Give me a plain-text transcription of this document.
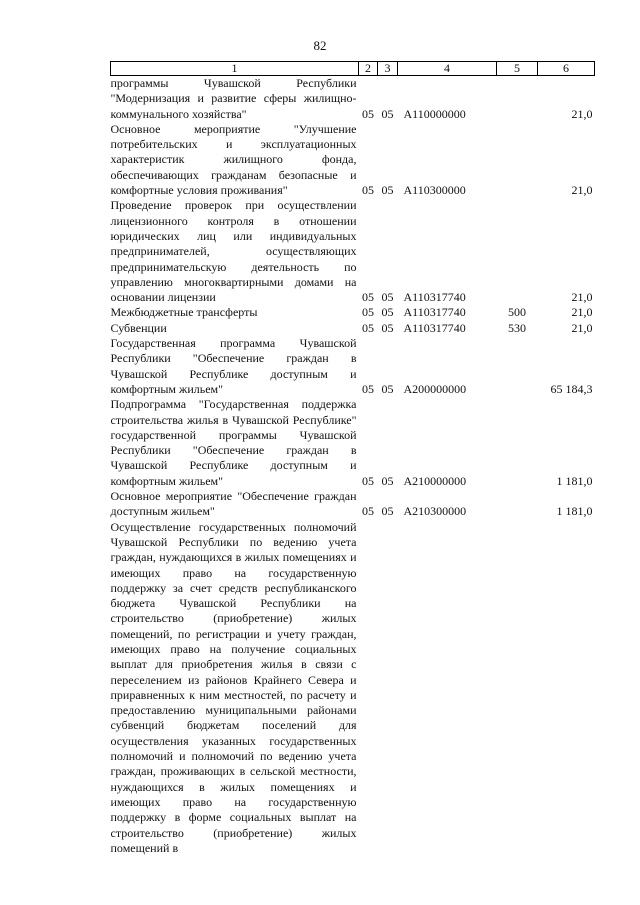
82
1	2	3	4	5	6
программы Чувашской Республики "Модернизация и развитие сферы жилищно-коммунального хозяйства"	05	05	А110000000		21,0
Основное мероприятие "Улучшение потребительских и эксплуатационных характеристик жилищного фонда, обеспечивающих гражданам безопасные и комфортные условия проживания"	05	05	А110300000		21,0
Проведение проверок при осуществлении лицензионного контроля в отношении юридических лиц или индивидуальных предпринимателей, осуществляющих предпринимательскую деятельность по управлению многоквартирными домами на основании лицензии	05	05	А110317740		21,0
Межбюджетные трансферты	05	05	А110317740	500	21,0
Субвенции	05	05	А110317740	530	21,0
Государственная программа Чувашской Республики "Обеспечение граждан в Чувашской Республике доступным и комфортным жильем"	05	05	А200000000		65 184,3
Подпрограмма "Государственная поддержка строительства жилья в Чувашской Республике" государственной программы Чувашской Республики "Обеспечение граждан в Чувашской Республике доступным и комфортным жильем"	05	05	А210000000		1 181,0
Основное мероприятие "Обеспечение граждан доступным жильем"	05	05	А210300000		1 181,0
Осуществление государственных полномочий Чувашской Республики по ведению учета граждан, нуждающихся в жилых помещениях и имеющих право на государственную поддержку за счет средств республиканского бюджета Чувашской Республики на строительство (приобретение) жилых помещений, по регистрации и учету граждан, имеющих право на получение социальных выплат для приобретения жилья в связи с переселением из районов Крайнего Севера и приравненных к ним местностей, по расчету и предоставлению муниципальными районами субвенций бюджетам поселений для осуществления указанных государственных полномочий и полномочий по ведению учета граждан, проживающих в сельской местности, нуждающихся в жилых помещениях и имеющих право на государственную поддержку в форме социальных выплат на строительство (приобретение) жилых помещений в					
